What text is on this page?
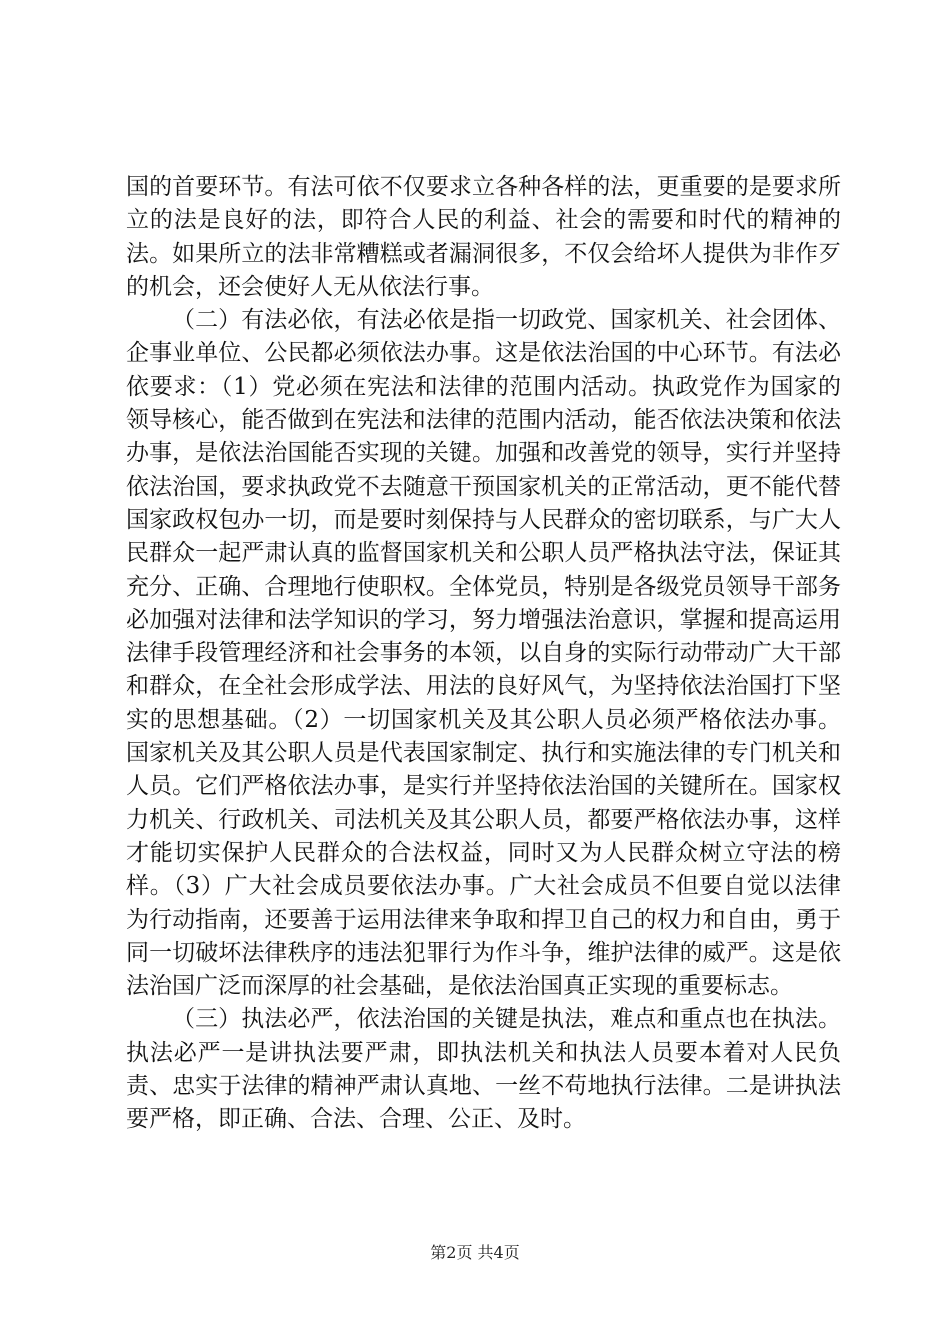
国的首要环节。有法可依不仅要求立各种各样的法，更重要的是要求所立的法是良好的法，即符合人民的利益、社会的需要和时代的精神的法。如果所立的法非常糟糕或者漏洞很多，不仅会给坏人提供为非作歹的机会，还会使好人无从依法行事。

（二）有法必依，有法必依是指一切政党、国家机关、社会团体、企事业单位、公民都必须依法办事。这是依法治国的中心环节。有法必依要求：（1）党必须在宪法和法律的范围内活动。执政党作为国家的领导核心，能否做到在宪法和法律的范围内活动，能否依法决策和依法办事，是依法治国能否实现的关键。加强和改善党的领导，实行并坚持依法治国，要求执政党不去随意干预国家机关的正常活动，更不能代替国家政权包办一切，而是要时刻保持与人民群众的密切联系，与广大人民群众一起严肃认真的监督国家机关和公职人员严格执法守法，保证其充分、正确、合理地行使职权。全体党员，特别是各级党员领导干部务必加强对法律和法学知识的学习，努力增强法治意识，掌握和提高运用法律手段管理经济和社会事务的本领，以自身的实际行动带动广大干部和群众，在全社会形成学法、用法的良好风气，为坚持依法治国打下坚实的思想基础。（2）一切国家机关及其公职人员必须严格依法办事。国家机关及其公职人员是代表国家制定、执行和实施法律的专门机关和人员。它们严格依法办事，是实行并坚持依法治国的关键所在。国家权力机关、行政机关、司法机关及其公职人员，都要严格依法办事，这样才能切实保护人民群众的合法权益，同时又为人民群众树立守法的榜样。（3）广大社会成员要依法办事。广大社会成员不但要自觉以法律为行动指南，还要善于运用法律来争取和捍卫自己的权力和自由，勇于同一切破坏法律秩序的违法犯罪行为作斗争，维护法律的威严。这是依法治国广泛而深厚的社会基础，是依法治国真正实现的重要标志。

（三）执法必严，依法治国的关键是执法，难点和重点也在执法。执法必严一是讲执法要严肃，即执法机关和执法人员要本着对人民负责、忠实于法律的精神严肃认真地、一丝不苟地执行法律。二是讲执法要严格，即正确、合法、合理、公正、及时。

第2页 共4页
